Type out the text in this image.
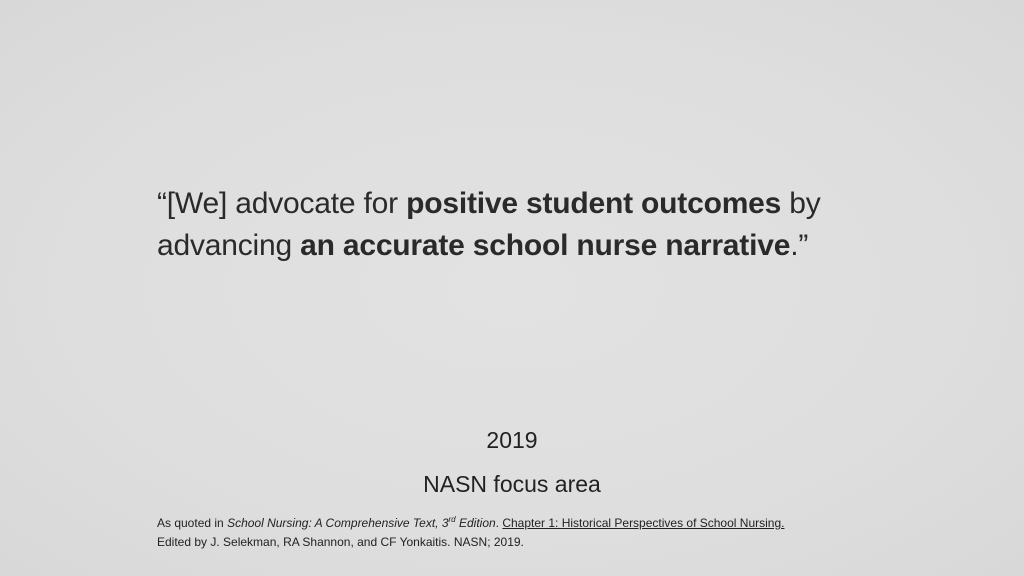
“[We] advocate for positive student outcomes by advancing an accurate school nurse narrative.”
2019
NASN focus area
As quoted in School Nursing: A Comprehensive Text, 3rd Edition. Chapter 1: Historical Perspectives of School Nursing.
Edited by J. Selekman, RA Shannon, and CF Yonkaitis. NASN; 2019.
